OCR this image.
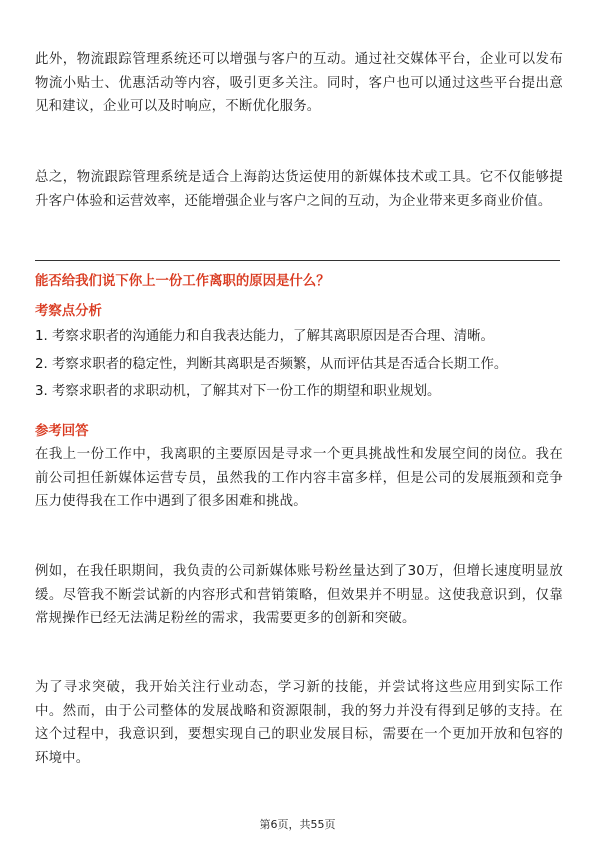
此外，物流跟踪管理系统还可以增强与客户的互动。通过社交媒体平台，企业可以发布物流小贴士、优惠活动等内容，吸引更多关注。同时，客户也可以通过这些平台提出意见和建议，企业可以及时响应，不断优化服务。

总之，物流跟踪管理系统是适合上海韵达货运使用的新媒体技术或工具。它不仅能够提升客户体验和运营效率，还能增强企业与客户之间的互动，为企业带来更多商业价值。

能否给我们说下你上一份工作离职的原因是什么？
考察点分析
1. 考察求职者的沟通能力和自我表达能力，了解其离职原因是否合理、清晰。
2. 考察求职者的稳定性，判断其离职是否频繁，从而评估其是否适合长期工作。
3. 考察求职者的求职动机，了解其对下一份工作的期望和职业规划。
参考回答

在我上一份工作中，我离职的主要原因是寻求一个更具挑战性和发展空间的岗位。我在前公司担任新媒体运营专员，虽然我的工作内容丰富多样，但是公司的发展瓶颈和竞争压力使得我在工作中遇到了很多困难和挑战。

例如，在我任职期间，我负责的公司新媒体账号粉丝量达到了30万，但增长速度明显放缓。尽管我不断尝试新的内容形式和营销策略，但效果并不明显。这使我意识到，仅靠常规操作已经无法满足粉丝的需求，我需要更多的创新和突破。

为了寻求突破，我开始关注行业动态，学习新的技能，并尝试将这些应用到实际工作中。然而，由于公司整体的发展战略和资源限制，我的努力并没有得到足够的支持。在这个过程中，我意识到，要想实现自己的职业发展目标，需要在一个更加开放和包容的环境中。

第6页，共55页
